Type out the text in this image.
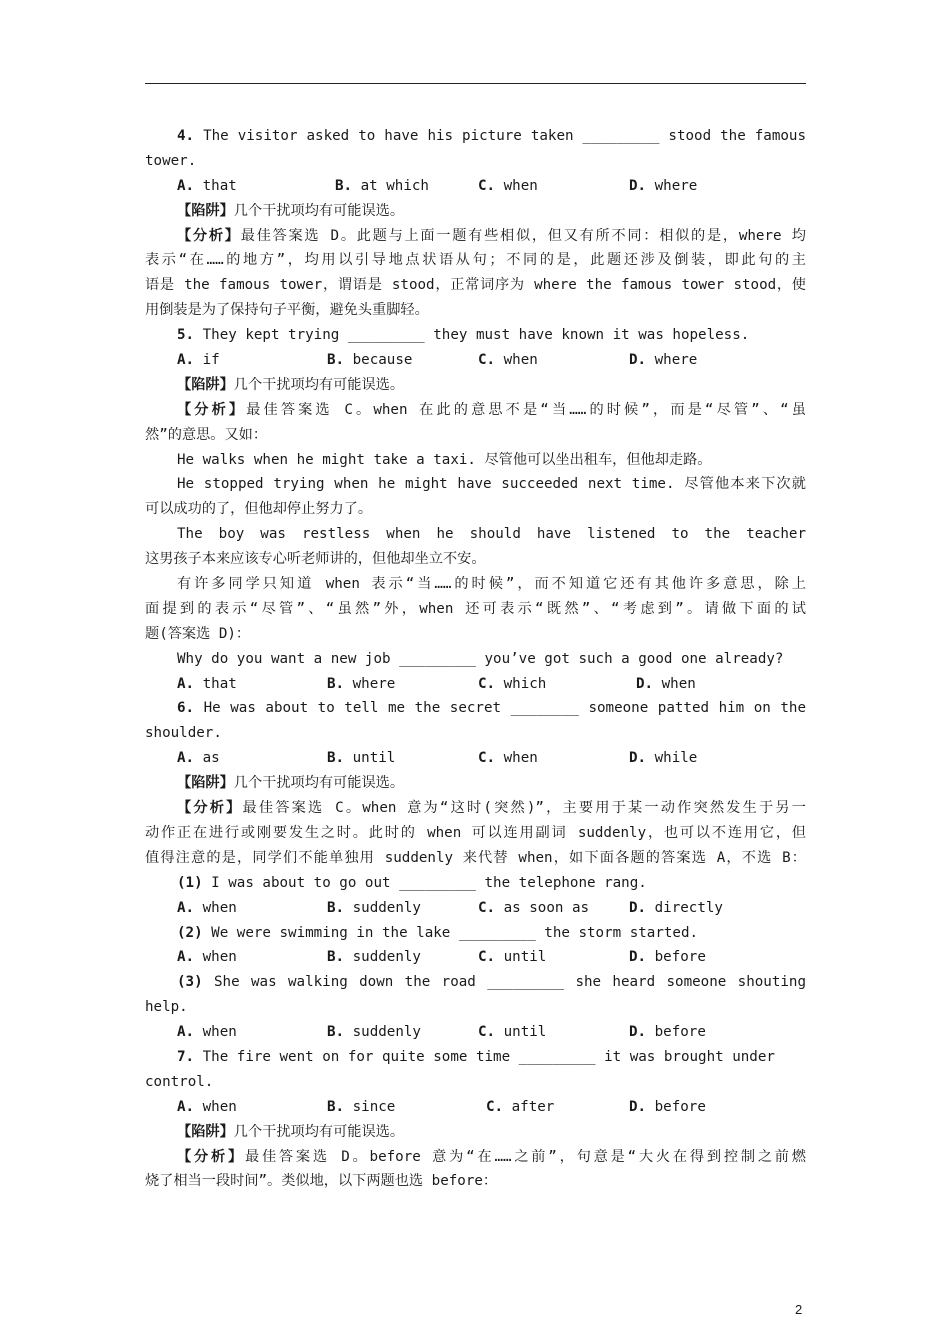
4. The visitor asked to have his picture taken _________ stood the famous
tower.

A. that

	B. at which

	C. when

	D. where

【陷阱】几个干扰项均有可能误选。
【分析】最佳答案选 D。此题与上面一题有些相似，但又有所不同：相似的是，where 均
表示“在……的地方”，均用以引导地点状语从句；不同的是，此题还涉及倒装，即此句的主
语是 the famous tower，谓语是 stood，正常词序为 where the famous tower stood，使
用倒装是为了保持句子平衡，避免头重脚轻。
5. They kept trying _________ they must have known it was hopeless.

A. if

	B. because

	C. when

	D. where

【陷阱】几个干扰项均有可能误选。
【分析】最佳答案选 C。when 在此的意思不是“当……的时候”，而是“尽管”、“虽
然”的意思。又如：
He walks when he might take a taxi. 尽管他可以坐出租车，但他却走路。
He stopped trying when he might have succeeded next time. 尽管他本来下次就
可以成功的了，但他却停止努力了。
The boy was restless when he should have listened to the teacher
这男孩子本来应该专心听老师讲的，但他却坐立不安。
有许多同学只知道 when 表示“当……的时候”，而不知道它还有其他许多意思，除上
面提到的表示“尽管”、“虽然”外，when 还可表示“既然”、“考虑到”。请做下面的试
题(答案选 D)：
Why do you want a new job _________ you’ve got such a good one already?

A. that

	B. where

	C. which

	D. when

6. He was about to tell me the secret ________ someone patted him on the
shoulder.

A. as

	B. until

	C. when

	D. while

【陷阱】几个干扰项均有可能误选。
【分析】最佳答案选 C。when 意为“这时(突然)”，主要用于某一动作突然发生于另一
动作正在进行或刚要发生之时。此时的 when 可以连用副词 suddenly，也可以不连用它，但
值得注意的是，同学们不能单独用 suddenly 来代替 when，如下面各题的答案选 A，不选 B：
(1) I was about to go out _________ the telephone rang.

A. when

	B. suddenly

	C. as soon as

	D. directly

(2) We were swimming in the lake _________ the storm started.

A. when

	B. suddenly

	C. until

	D. before

(3) She was walking down the road _________ she heard someone shouting
help.

A. when

	B. suddenly

	C. until

	D. before

7. The fire went on for quite some time _________ it was brought under
control.

A. when

	B. since

	C. after

	D. before

【陷阱】几个干扰项均有可能误选。
【分析】最佳答案选 D。before 意为“在……之前”，句意是“大火在得到控制之前燃
烧了相当一段时间”。类似地，以下两题也选 before：
2
